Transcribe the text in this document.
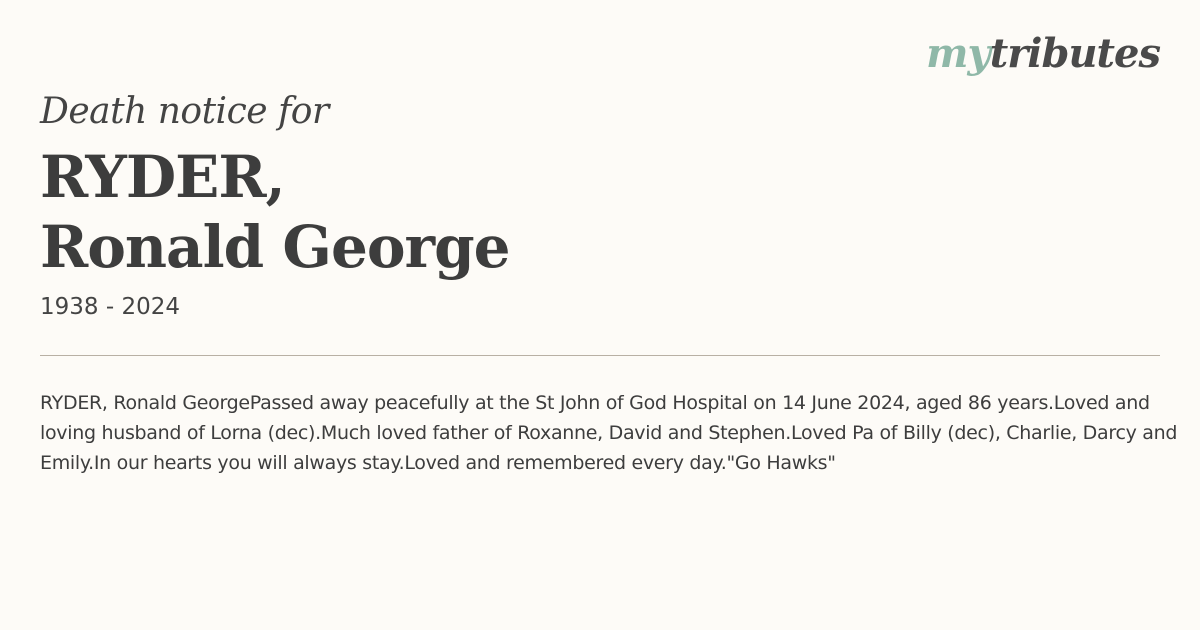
mytributes
Death notice for
RYDER,
Ronald George
1938 - 2024
RYDER, Ronald GeorgePassed away peacefully at the St John of God Hospital on 14 June 2024, aged 86 years.Loved and loving husband of Lorna (dec).Much loved father of Roxanne, David and Stephen.Loved Pa of Billy (dec), Charlie, Darcy and Emily.In our hearts you will always stay.Loved and remembered every day."Go Hawks"
